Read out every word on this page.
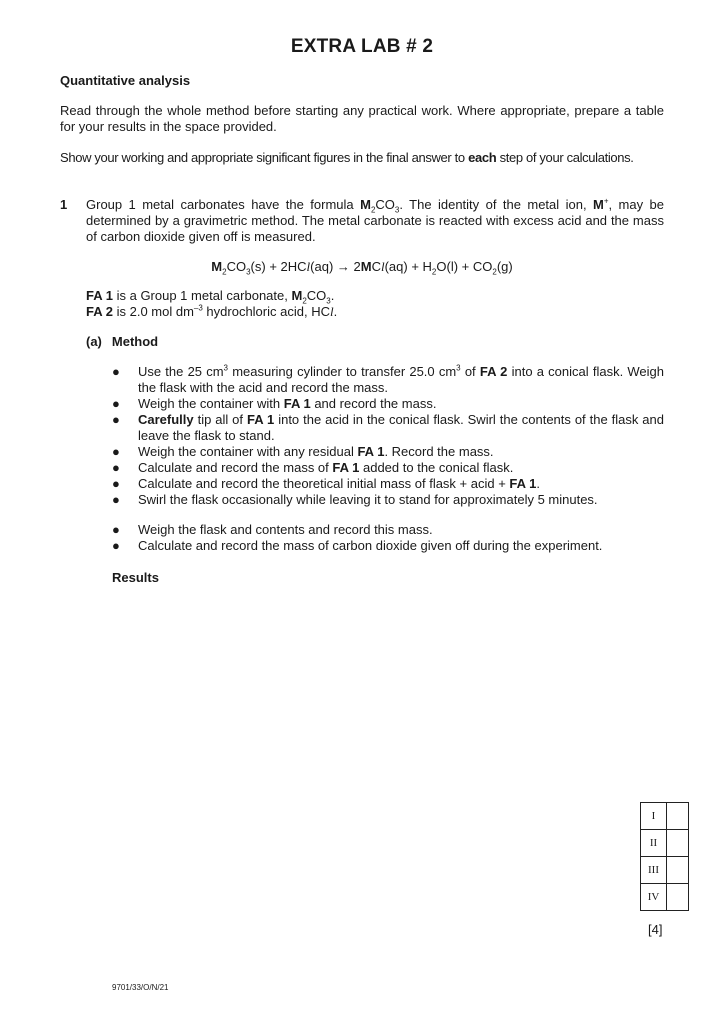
EXTRA LAB # 2
Quantitative analysis
Read through the whole method before starting any practical work. Where appropriate, prepare a table for your results in the space provided.
Show your working and appropriate significant figures in the final answer to each step of your calculations.
1 Group 1 metal carbonates have the formula $M_2CO_3$. The identity of the metal ion, M+, may be determined by a gravimetric method. The metal carbonate is reacted with excess acid and the mass of carbon dioxide given off is measured.
$M_2CO_3(s) + 2HCl(aq) \to 2MCl(aq) + H_2O(l) + CO_2(g)$
FA 1 is a Group 1 metal carbonate, $M_2CO_3$.
FA 2 is 2.0 mol $dm^{-3}$ hydrochloric acid, HCl.
(a) Method
● Use the 25 $cm^3$ measuring cylinder to transfer 25.0 $cm^3$ of FA 2 into a conical flask. Weigh the flask with the acid and record the mass.
● Weigh the container with FA 1 and record the mass.
● Carefully tip all of FA 1 into the acid in the conical flask. Swirl the contents of the flask and leave the flask to stand.
● Weigh the container with any residual FA 1. Record the mass.
● Calculate and record the mass of FA 1 added to the conical flask.
● Calculate and record the theoretical initial mass of flask + acid + FA 1.
● Swirl the flask occasionally while leaving it to stand for approximately 5 minutes.
● Weigh the flask and contents and record this mass.
● Calculate and record the mass of carbon dioxide given off during the experiment.
Results
I	
II	
III	
IV	
[4]
9701/33/O/N/21
